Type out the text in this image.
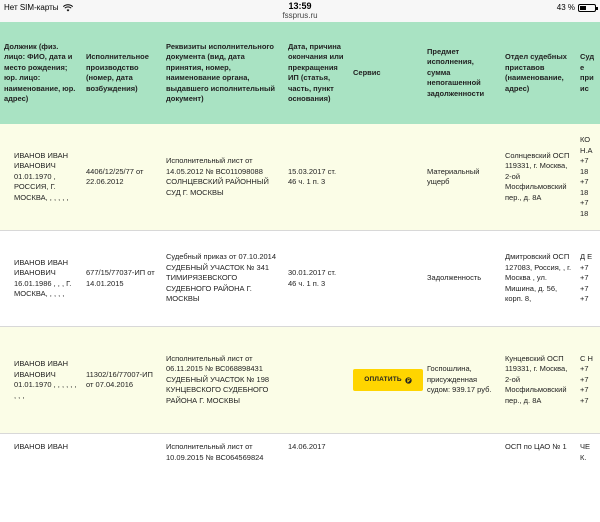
Нет SIM-карты	13:59
fssprus.ru
43 %
Должник (физ. лицо: ФИО, дата и место рождения; юр. лицо: наименование, юр. адрес)	Исполнительное производство (номер, дата возбуждения)	Реквизиты исполнительного документа (вид, дата принятия, номер, наименование органа, выдавшего исполнительный документ)	Дата, причина окончания или прекращения ИП (статья, часть, пункт основания)	Сервис	Предмет исполнения, сумма непогашенной задолженности	Отдел судебных приставов (наименование, адрес)	Суде при ис
ИВАНОВ ИВАН ИВАНОВИЧ 01.01.1970 , РОССИЯ, Г. МОСКВА, , , , , ,	4406/12/25/77 от 22.06.2012	Исполнительный лист от 14.05.2012 № ВС011098088 СОЛНЦЕВСКИЙ РАЙОННЫЙ СУД Г. МОСКВЫ	15.03.2017 ст. 46 ч. 1 п. 3		Материальный ущерб	Солнцевский ОСП 119331, г. Москва, 2-ой Мосфильмовский пер., д. 8А	КО Н.А +7 18 +7 18 +7 18
ИВАНОВ ИВАН ИВАНОВИЧ 16.01.1986 , , , Г. МОСКВА, , , , ,	677/15/77037-ИП от 14.01.2015	Судебный приказ от 07.10.2014 СУДЕБНЫЙ УЧАСТОК № 341 ТИМИРЯЗЕВСКОГО СУДЕБНОГО РАЙОНА Г. МОСКВЫ	30.01.2017 ст. 46 ч. 1 п. 3		Задолженность	Дмитровский ОСП 127083, Россия, , г. Москва , ул. Мишина, д. 56, корп. 8,	Д Е +7 +7 +7 +7
ИВАНОВ ИВАН ИВАНОВИЧ 01.01.1970 , , , , , , , , ,	11302/16/77007-ИП от 07.04.2016	Исполнительный лист от 06.11.2015 № ВС068898431 СУДЕБНЫЙ УЧАСТОК № 198 КУНЦЕВСКОГО СУДЕБНОГО РАЙОНА Г. МОСКВЫ		ОПЛАТИТЬ	Госпошлина, присужденная судом: 939.17 руб.	Кунцевский ОСП 119331, г. Москва, 2-ой Мосфильмовский пер., д. 8А	С Н +7 +7 +7 +7
ИВАНОВ ИВАН		Исполнительный лист от 10.09.2015 № ВС064569824	14.06.2017			ОСП по ЦАО № 1	ЧЕ К.
